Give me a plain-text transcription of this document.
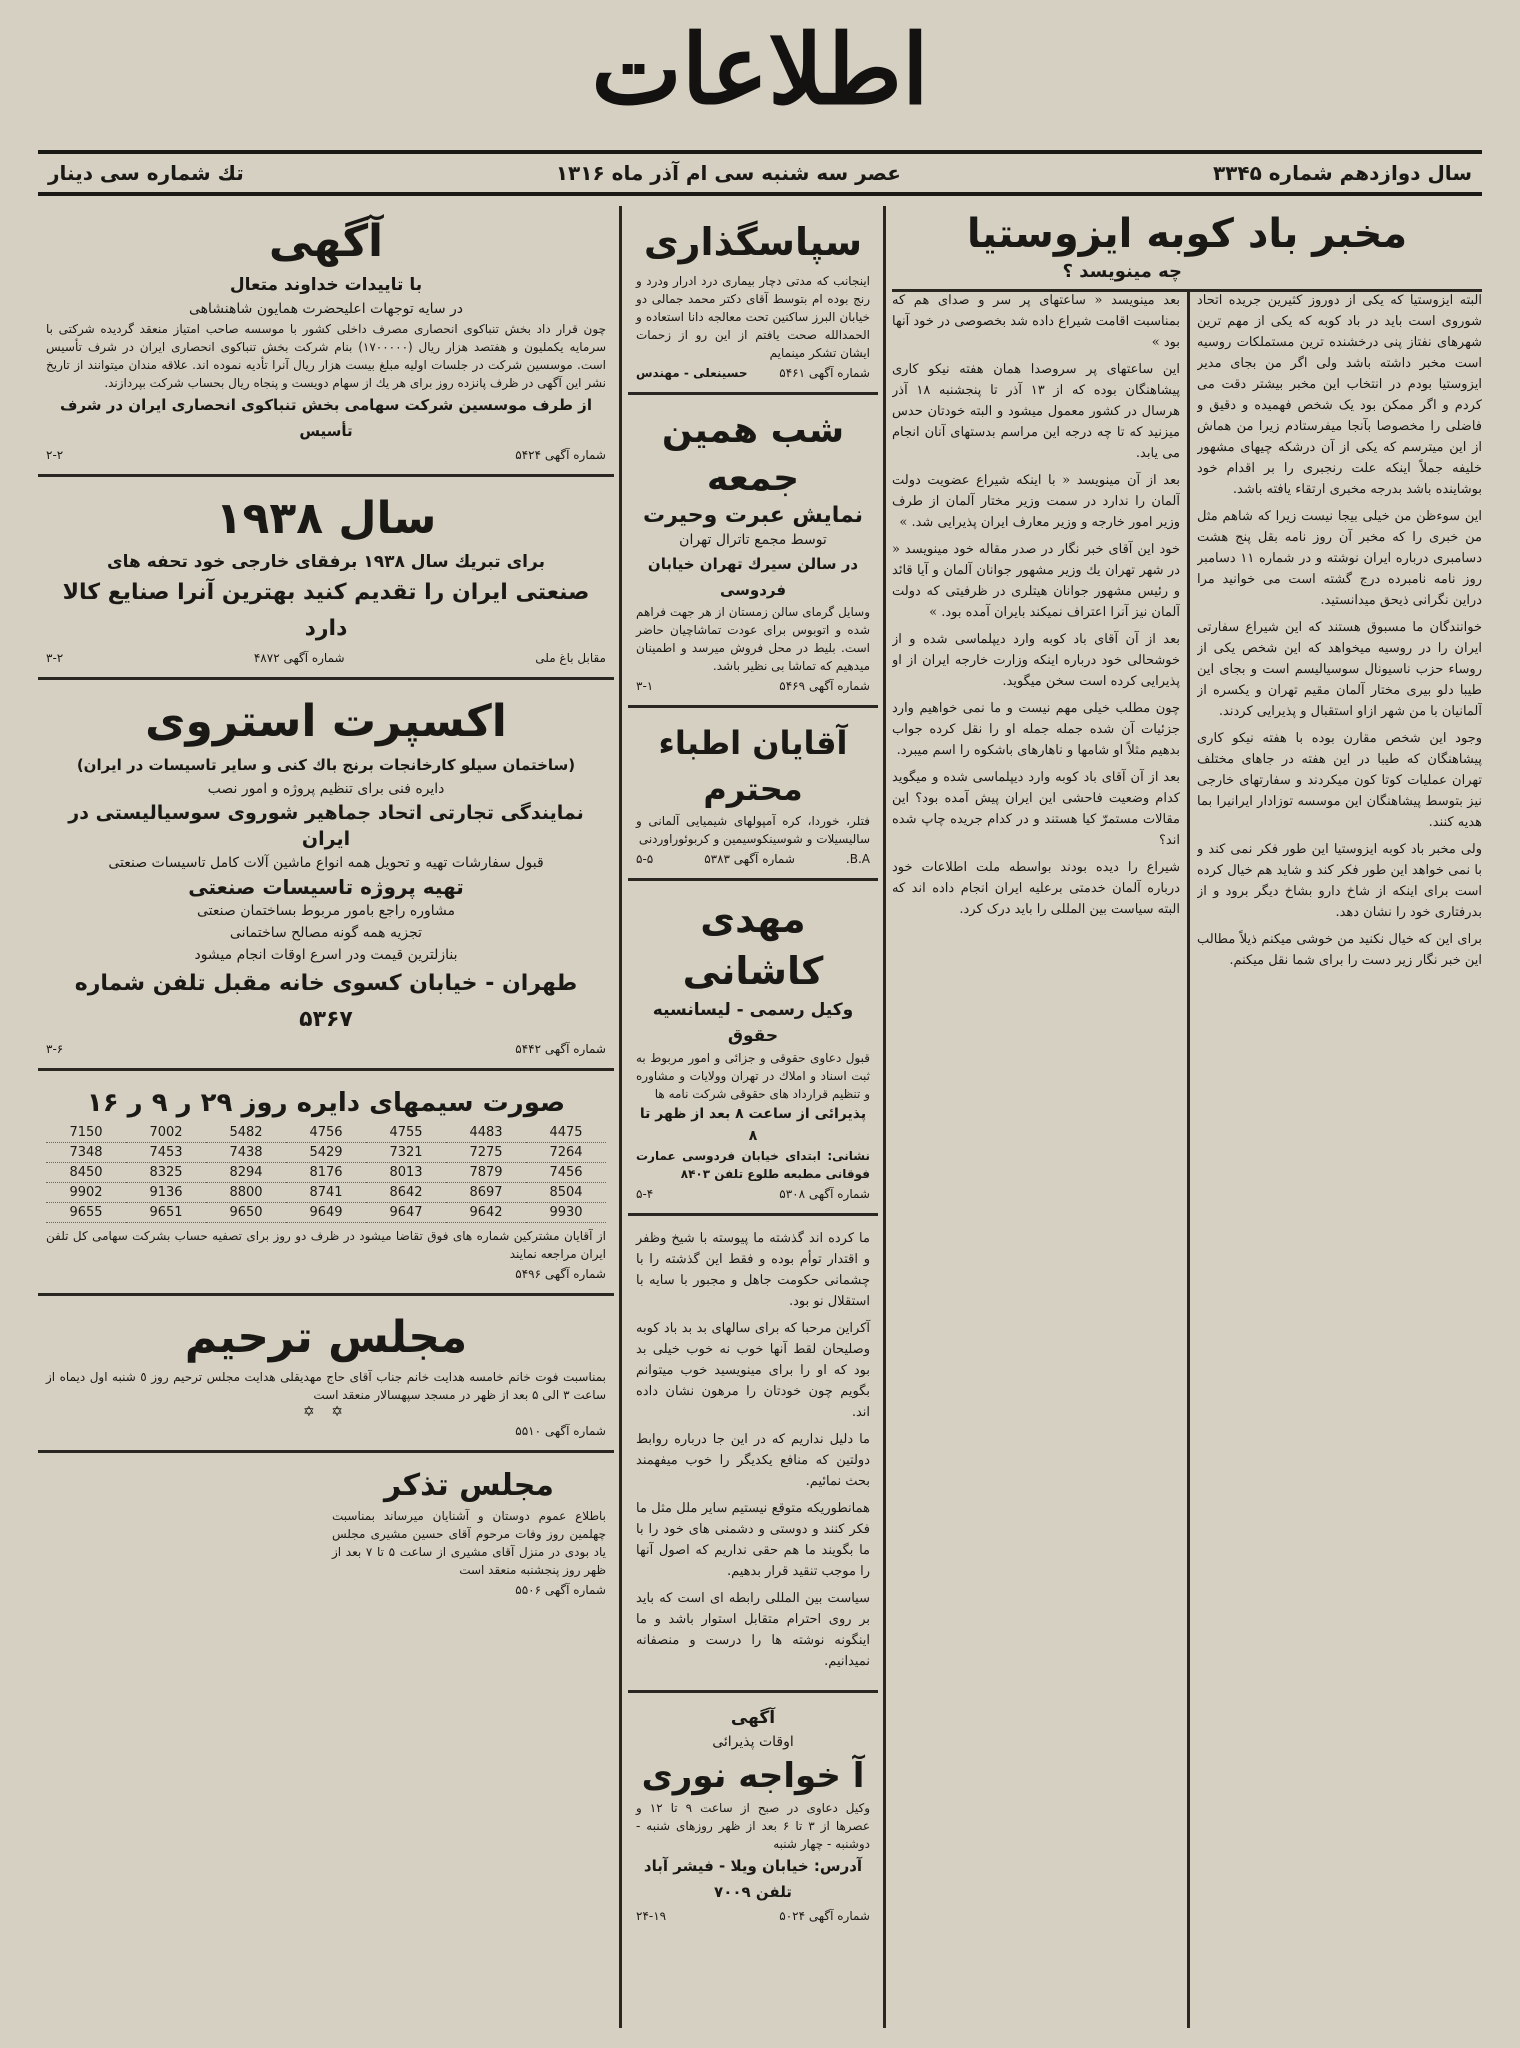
اطلاعات
سال دوازدهم شماره ۳۳۴۵
عصر سه شنبه سی ام آذر ماه ۱۳۱۶
تك شماره سی دینار
مخبر باد کوبه ایزوستیا
چه مینویسد ؟

البته ایزوستیا که یکی از دوروز کثیرین جریده اتحاد شوروی است باید در باد کوبه که یکی از مهم ترین شهرهای نفتاز پنی درخشنده ترین مستملکات روسیه است مخبر داشته باشد ولی اگر من بجای مدیر ایزوستیا بودم در انتخاب این مخبر بیشتر دقت می کردم و اگر ممکن بود یک شخص فهمیده و دقیق و فاضلی را مخصوصا بآنجا میفرستادم زیرا من هماش از این میترسم که یکی از آن درشکه چیهای مشهور خلیفه جملاً اینکه علت رنجبری را بر اقدام خود بوشاینده باشد بدرجه مخبری ارتقاء یافته باشد.

این سوءظن من خیلی بیجا نیست زیرا که شاهم مثل من خبری را که مخبر آن روز نامه بقل پنج هشت دسامبری درباره ایران نوشته و در شماره ۱۱ دسامبر روز نامه نامبرده درج گشته است می خوانید مرا دراین نگرانی ذیحق میدانستید.

خوانندگان ما مسبوق هستند که این شیراع سفارتی ایران را در روسیه میخواهد که این شخص یکی از روساء حزب ناسیونال سوسیالیسم است و بجای این طیبا دلو بیری مختار آلمان مقیم تهران و یکسره از آلمانیان با من شهر ازاو استقبال و پذیرایی کردند.

وجود این شخص مقارن بوده با هفته نیکو کاری پیشاهنگان که طیبا در این هفته در جاهای مختلف تهران عملیات کوتا کون میکردند و سفارتهای خارجی نیز بتوسط پیشاهنگان این موسسه توزادار ایرانیرا بما هدیه کنند.

ولی مخبر باد کوبه ایزوستیا این طور فکر نمی کند و با نمی خواهد این طور فکر کند و شاید هم خیال کرده است برای اینکه از شاخ دارو بشاخ دیگر برود و از بدرفتاری خود را نشان دهد.

برای این که خیال نکنید من خوشی میکنم ذیلاً مطالب این خبر نگار زیر دست را برای شما نقل میکنم.

بعد مینویسد « ساعتهای پر سر و صدای هم که بمناسبت اقامت شیراع داده شد بخصوصی در خود آنها بود »

این ساعتهای پر سروصدا همان هفته نیکو کاری پیشاهنگان بوده که از ۱۳ آذر تا پنجشنبه ۱۸ آذر هرسال در کشور معمول میشود و البته خودتان حدس میزنید که تا چه درجه این مراسم بدستهای آنان انجام می یابد.

بعد از آن مینویسد « با اینکه شیراع عضویت دولت آلمان را ندارد در سمت وزیر مختار آلمان از طرف وزیر امور خارجه و وزیر معارف ایران پذیرایی شد. »

خود این آقای خبر نگار در صدر مقاله خود مینویسد « در شهر تهران یك وزیر مشهور جوانان آلمان و آیا قائد و رئیس مشهور جوانان هیتلری در ظرفیتی که دولت آلمان نیز آنرا اعتراف نمیکند بایران آمده بود. »

بعد از آن آقای باد کوبه وارد دیپلماسی شده و از خوشحالی خود درباره اینکه وزارت خارجه ایران از او پذیرایی کرده است سخن میگوید.

چون مطلب خیلی مهم نیست و ما نمی خواهیم وارد جزئیات آن شده جمله جمله او را نقل کرده جواب بدهیم مثلاً او شامها و ناهارهای باشکوه را اسم میبرد.

بعد از آن آقای باد کوبه وارد دیپلماسی شده و میگوید کدام وضعیت فاحشی این ایران پیش آمده بود؟ این مقالات مستمرّ کیا هستند و در کدام جریده چاپ شده اند؟

شیراع را دیده بودند بواسطه ملت اطلاعات خود درباره آلمان خدمتی برعلیه ایران انجام داده اند که البته سیاست بین المللی را باید درک کرد.

سپاسگذاری
اینجانب که مدتی دچار بیماری درد ادرار ودرد و رنج بوده ام بتوسط آقای دکتر محمد جمالی دو خیابان البرز ساکنین تحت معالجه دانا استعاده و الحمدالله صحت یافتم از این رو از زحمات ایشان تشکر مینمایم
شماره آگهی ۵۴۶۱
حسینعلی - مهندس
شب همین جمعه
نمایش عبرت وحیرت
توسط مجمع تاترال تهران
در سالن سیرك تهران خیابان فردوسی
وسایل گرمای سالن زمستان از هر جهت فراهم شده و اتوبوس برای عودت تماشاچیان حاضر است. بلیط در محل فروش میرسد و اطمینان میدهیم که تماشا بی نظیر باشد.
شماره آگهی ۵۴۶۹
۳-۱
آقایان اطباء محترم
فتلر، خوردا، کره آمپولهای شیمیایی آلمانی و سالیسیلات و شوسینکوسیمین و کربوئوراوردنی
B.A.
شماره آگهی ۵۳۸۳
۵-۵
مهدی کاشانی
وکیل رسمی - لیسانسیه حقوق
قبول دعاوی حقوقی و جزائی و امور مربوط به ثبت اسناد و املاك در تهران وولایات و مشاوره و تنظیم قرارداد های حقوقی شرکت نامه ها
پذیرائی از ساعت ۸ بعد از ظهر تا ۸
نشانی: ابتدای خیابان فردوسی عمارت فوقانی مطبعه طلوع تلفن ۸۴۰۳
شماره آگهی ۵۳۰۸
۵-۴

ما کرده اند گذشته ما پیوسته با شیخ وظفر و اقتدار توأم بوده و فقط این گذشته را با چشمانی حکومت جاهل و مجبور با سایه با استقلال نو بود.

آکراین مرحبا که برای سالهای بد بد باد کوبه وصلیحان لقط آنها خوب نه خوب خیلی بد بود که او را برای مینویسید خوب میتوانم بگویم چون خودتان را مرهون نشان داده اند.

ما دلیل نداریم که در این جا درباره روابط دولتین که منافع یکدیگر را خوب میفهمند بحث نمائیم.

همانطوریکه متوقع نیستیم سایر ملل مثل ما فکر کنند و دوستی و دشمنی های خود را با ما بگویند ما هم حقی نداریم که اصول آنها را موجب تنقید قرار بدهیم.

سیاست بین المللی رابطه ای است که باید بر روی احترام متقابل استوار باشد و ما اینگونه نوشته ها را درست و منصفانه نمیدانیم.

آگهی
اوقات پذیرائی
آ خواجه نوری
وکیل دعاوی در صبح از ساعت ۹ تا ۱۲ و عصرها از ۳ تا ۶ بعد از ظهر روزهای شنبه - دوشنبه - چهار شنبه
آدرس: خیابان ویلا - فیشر آباد تلفن ۷۰۰۹
شماره آگهی ۵۰۲۴
۲۴-۱۹
آگهی
با تاییدات خداوند متعال
در سایه توجهات اعلیحضرت همایون شاهنشاهی
چون قرار داد بخش تنباکوی انحصاری مصرف داخلی کشور با موسسه صاحب امتیاز منعقد گردیده شرکتی با سرمایه یکملیون و هفتصد هزار ریال (۱۷۰۰۰۰۰) بنام شرکت بخش تنباکوی انحصاری ایران در شرف تأسیس است. موسسین شرکت در جلسات اولیه مبلغ بیست هزار ریال آنرا تأدیه نموده اند. علاقه مندان میتوانند از تاریخ نشر این آگهی در ظرف پانزده روز برای هر یك از سهام دویست و پنجاه ریال بحساب شرکت بپردازند.
از طرف موسسین شرکت سهامی بخش تنباکوی انحصاری ایران در شرف تأسیس
شماره آگهی ۵۴۲۴
۲-۲
سال ۱۹۳۸
برای تبریك سال ۱۹۳۸ برفقای خارجی خود تحفه های
صنعتی ایران را تقدیم کنید بهترین آنرا صنایع کالا دارد
مقابل باغ ملی
شماره آگهی ۴۸۷۲
۳-۲
اکسپرت استروی
(ساختمان سیلو کارخانجات برنج باك کنی و سایر تاسیسات در ایران)
دایره فنی برای تنظیم پروژه و امور نصب
نمایندگی تجارتی اتحاد جماهیر شوروی سوسیالیستی در ایران
قبول سفارشات تهیه و تحویل همه انواع ماشین آلات کامل تاسیسات صنعتی
تهیه پروژه تاسیسات صنعتی
مشاوره راجع بامور مربوط بساختمان صنعتی
تجزیه همه گونه مصالح ساختمانی
بنازلترین قیمت ودر اسرع اوقات انجام میشود
طهران - خیابان کسوی خانه مقبل تلفن شماره ۵۳۶۷
شماره آگهی ۵۴۴۲
۳-۶
صورت سیمهای دایره روز ۲۹ ر ۹ ر ۱۶
7150	7002	5482	4756	4755	4483	4475
7348	7453	7438	5429	7321	7275	7264
8450	8325	8294	8176	8013	7879	7456
9902	9136	8800	8741	8642	8697	8504
9655	9651	9650	9649	9647	9642	9930
از آقایان مشترکین شماره های فوق تقاضا میشود در ظرف دو روز برای تصفیه حساب بشرکت سهامی کل تلفن ایران مراجعه نمایند
شماره آگهی ۵۴۹۶
مجلس ترحیم
بمناسبت فوت خانم خامسه هدایت خانم جناب آقای حاج مهدیقلی هدایت مجلس ترحیم روز ٥ شنبه اول دیماه از ساعت ۳ الی ۵ بعد از ظهر در مسجد سپهسالار منعقد است
✡ ✡
شماره آگهی ۵۵۱۰
مجلس تذکر
باطلاع عموم دوستان و آشنایان میرساند بمناسبت چهلمین روز وفات مرحوم آقای حسین مشیری مجلس یاد بودی در منزل آقای مشیری از ساعت ۵ تا ۷ بعد از ظهر روز پنجشنبه منعقد است
شماره آگهی ۵۵۰۶
